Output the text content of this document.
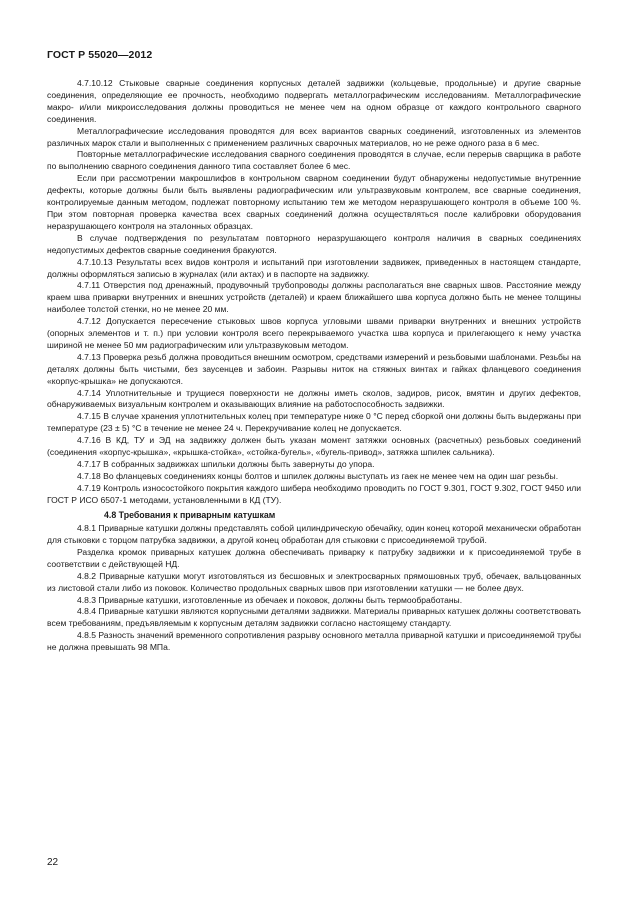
ГОСТ Р 55020—2012

4.7.10.12 Стыковые сварные соединения корпусных деталей задвижки (кольцевые, продольные) и другие сварные соединения, определяющие ее прочность, необходимо подвергать металлографическим исследованиям. Металлографические макро- и/или микроисследования должны проводиться не менее чем на одном образце от каждого контрольного сварного соединения.

Металлографические исследования проводятся для всех вариантов сварных соединений, изготовленных из элементов различных марок стали и выполненных с применением различных сварочных материалов, но не реже одного раза в 6 мес.

Повторные металлографические исследования сварного соединения проводятся в случае, если перерыв сварщика в работе по выполнению сварного соединения данного типа составляет более 6 мес.

Если при рассмотрении макрошлифов в контрольном сварном соединении будут обнаружены недопустимые внутренние дефекты, которые должны были быть выявлены радиографическим или ультразвуковым контролем, все сварные соединения, контролируемые данным методом, подлежат повторному испытанию тем же методом неразрушающего контроля в объеме 100 %. При этом повторная проверка качества всех сварных соединений должна осуществляться после калибровки оборудования неразрушающего контроля на эталонных образцах.

В случае подтверждения по результатам повторного неразрушающего контроля наличия в сварных соединениях недопустимых дефектов сварные соединения бракуются.

4.7.10.13 Результаты всех видов контроля и испытаний при изготовлении задвижек, приведенных в настоящем стандарте, должны оформляться записью в журналах (или актах) и в паспорте на задвижку.

4.7.11 Отверстия под дренажный, продувочный трубопроводы должны располагаться вне сварных швов. Расстояние между краем шва приварки внутренних и внешних устройств (деталей) и краем ближайшего шва корпуса должно быть не менее толщины наиболее толстой стенки, но не менее 20 мм.

4.7.12 Допускается пересечение стыковых швов корпуса угловыми швами приварки внутренних и внешних устройств (опорных элементов и т. п.) при условии контроля всего перекрываемого участка шва корпуса и прилегающего к нему участка шириной не менее 50 мм радиографическим или ультразвуковым методом.

4.7.13 Проверка резьб должна проводиться внешним осмотром, средствами измерений и резьбовыми шаблонами. Резьбы на деталях должны быть чистыми, без заусенцев и забоин. Разрывы ниток на стяжных винтах и гайках фланцевого соединения «корпус-крышка» не допускаются.

4.7.14 Уплотнительные и трущиеся поверхности не должны иметь сколов, задиров, рисок, вмятин и других дефектов, обнаруживаемых визуальным контролем и оказывающих влияние на работоспособность задвижки.

4.7.15 В случае хранения уплотнительных колец при температуре ниже 0 °С перед сборкой они должны быть выдержаны при температуре (23 ± 5) °С в течение не менее 24 ч. Перекручивание колец не допускается.

4.7.16 В КД, ТУ и ЭД на задвижку должен быть указан момент затяжки основных (расчетных) резьбовых соединений (соединения «корпус-крышка», «крышка-стойка», «стойка-бугель», «бугель-привод», затяжка шпилек сальника).

4.7.17 В собранных задвижках шпильки должны быть завернуты до упора.

4.7.18 Во фланцевых соединениях концы болтов и шпилек должны выступать из гаек не менее чем на один шаг резьбы.

4.7.19 Контроль износостойкого покрытия каждого шибера необходимо проводить по ГОСТ 9.301, ГОСТ 9.302, ГОСТ 9450 или ГОСТ Р ИСО 6507-1 методами, установленными в КД (ТУ).

4.8 Требования к приварным катушкам

4.8.1 Приварные катушки должны представлять собой цилиндрическую обечайку, один конец которой механически обработан для стыковки с торцом патрубка задвижки, а другой конец обработан для стыковки с присоединяемой трубой.

Разделка кромок приварных катушек должна обеспечивать приварку к патрубку задвижки и к присоединяемой трубе в соответствии с действующей НД.

4.8.2 Приварные катушки могут изготовляться из бесшовных и электросварных прямошовных труб, обечаек, вальцованных из листовой стали либо из поковок. Количество продольных сварных швов при изготовлении катушки — не более двух.

4.8.3 Приварные катушки, изготовленные из обечаек и поковок, должны быть термообработаны.

4.8.4 Приварные катушки являются корпусными деталями задвижки. Материалы приварных катушек должны соответствовать всем требованиям, предъявляемым к корпусным деталям задвижки согласно настоящему стандарту.

4.8.5 Разность значений временного сопротивления разрыву основного металла приварной катушки и присоединяемой трубы не должна превышать 98 МПа.

22
